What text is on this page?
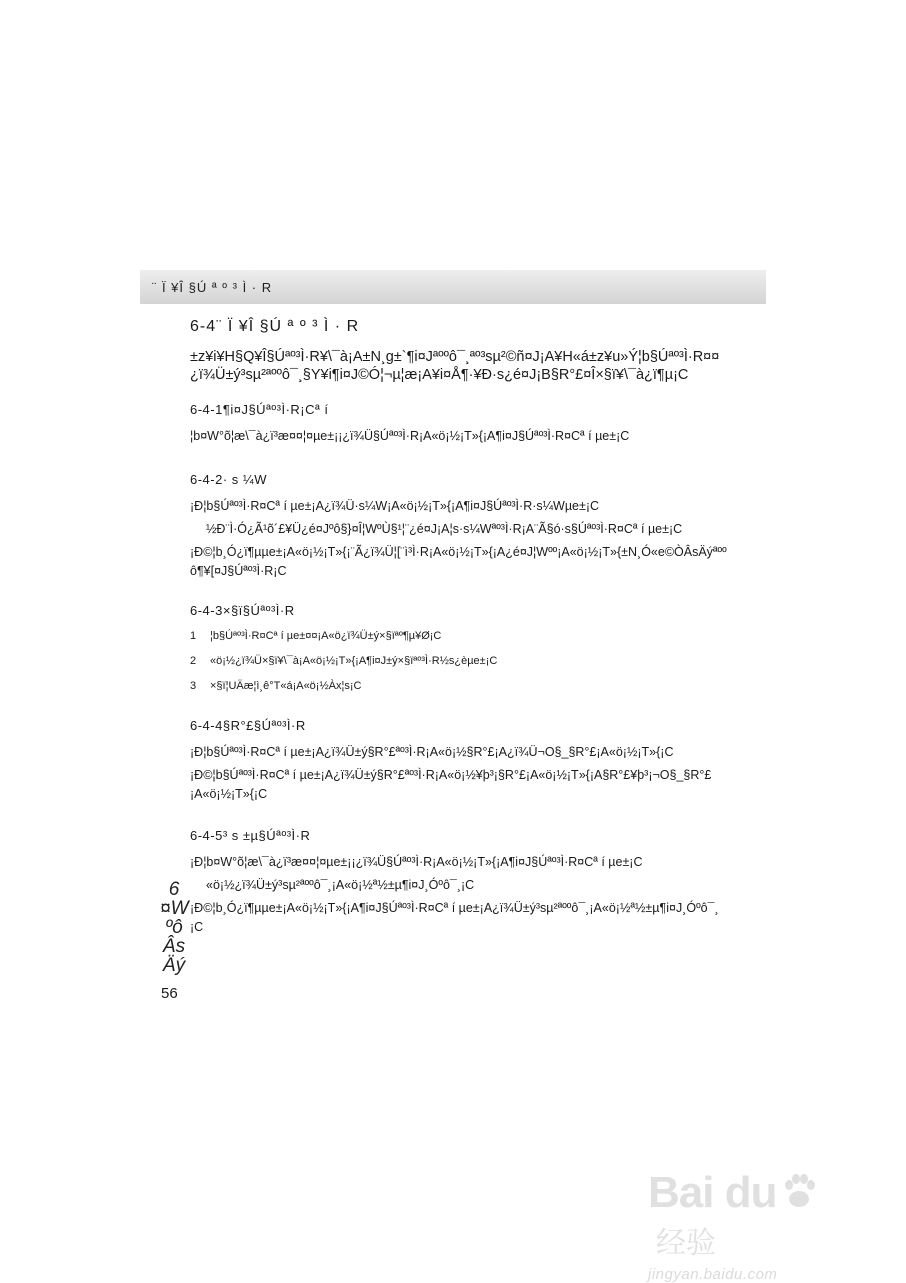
¨ Ï ¥Î §Ú ª º ³ Ì · R
6-4¨ Ï ¥Î §Ú ª º ³ Ì · R

±z¥i¥H§Q¥Î§Úªº³Ì·R¥\¯à¡A±N¸g±`¶i¤Jªººô¯¸ªº³sµ²©ñ¤J¡A¥H«á±z¥u»Ý¦b§Úªº³Ì·R¤¤¿ï¾Ü±ý³sµ²ªººô¯¸§Y¥i¶i¤J©Ó¦¬µ¦æ¡A¥i¤Å¶·¥Ð·s¿é¤J¡B§R°£¤Î×§ï¥\¯à¿ï¶µ¡C

6-4-1¶i¤J§Úªº³Ì·R¡Cª í

¦b¤W°õ¦æ\¯à¿ï³æ¤¤¦¤µe±¡¡¿ï¾Ü§Úªº³Ì·R¡A«ö¡½¡T»{¡A¶i¤J§Úªº³Ì·R¤Cª í µe±¡C

6-4-2· s ¼W

¡Ð¦b§Úªº³Ì·R¤Cª í µe±¡A¿ï¾Ü·s¼W¡A«ö¡½¡T»{¡A¶i¤J§Úªº³Ì·R·s¼Wµe±¡C

½Ð¨Ì·Ó¿Ã¹õ´£¥Ü¿é¤Jºô§}¤Î¦WºÙ§¹¦¨¿é¤J¡A¦s·s¼Wªº³Ì·R¡A¨Ã§ó·s§Úªº³Ì·R¤Cª í µe±¡C

¡Ð©¦b¸Ó¿ï¶µµe±¡A«ö¡½¡T»{¡¨Ã¿ï¾Ü¦[¨ì³Ì·R¡A«ö¡½¡T»{¡A¿é¤J¦Wºº¡A«ö¡½¡T»{±N¸Ó«e©ÒÂsÄýªººô¶¥[¤J§Úªº³Ì·R¡C

6-4-3×§ï§Úªº³Ì·R
1	¦b§Úªº³Ì·R¤Cª í µe±¤¤¡A«ö¿ï¾Ü±ý×§ïªº¶µ¥Ø¡C
2	«ö¡½¿ï¾Ü×§ï¥\¯à¡A«ö¡½¡T»{¡A¶i¤J±ý×§ïªº³Ì·R½s¿èµe±¡C
3	×§ï¦UÄæ¦ì¸ê°T«á¡A«ö¡½Àx¦s¡C
6-4-4§R°£§Úªº³Ì·R

¡Ð¦b§Úªº³Ì·R¤Cª í µe±¡A¿ï¾Ü±ý§R°£ªº³Ì·R¡A«ö¡½§R°£¡A¿ï¾Ü¬O§_§R°£¡A«ö¡½¡T»{¡C

¡Ð©¦b§Úªº³Ì·R¤Cª í µe±¡A¿ï¾Ü±ý§R°£ªº³Ì·R¡A«ö¡½¥þ³¡§R°£¡A«ö¡½¡T»{¡A§R°£¥þ³¡¬O§_§R°£¡A«ö¡½¡T»{¡C

6-4-5³ s ±µ§Úªº³Ì·R

¡Ð¦b¤W°õ¦æ\¯à¿ï³æ¤¤¦¤µe±¡¡¿ï¾Ü§Úªº³Ì·R¡A«ö¡½¡T»{¡A¶i¤J§Úªº³Ì·R¤Cª í µe±¡C

«ö¡½¿ï¾Ü±ý³sµ²ªººô¯¸¡A«ö¡½ª½±µ¶i¤J¸Óºô¯¸¡C

¡Ð©¦b¸Ó¿ï¶µµe±¡A«ö¡½¡T»{¡A¶i¤J§Úªº³Ì·R¤Cª í µe±¡A¿ï¾Ü±ý³sµ²ªººô¯¸¡A«ö¡½ª½±µ¶i¤J¸Óºô¯¸¡C

6
¤W
ºô
Âs
Äý
56
Bai du  经验
jingyan.baidu.com
